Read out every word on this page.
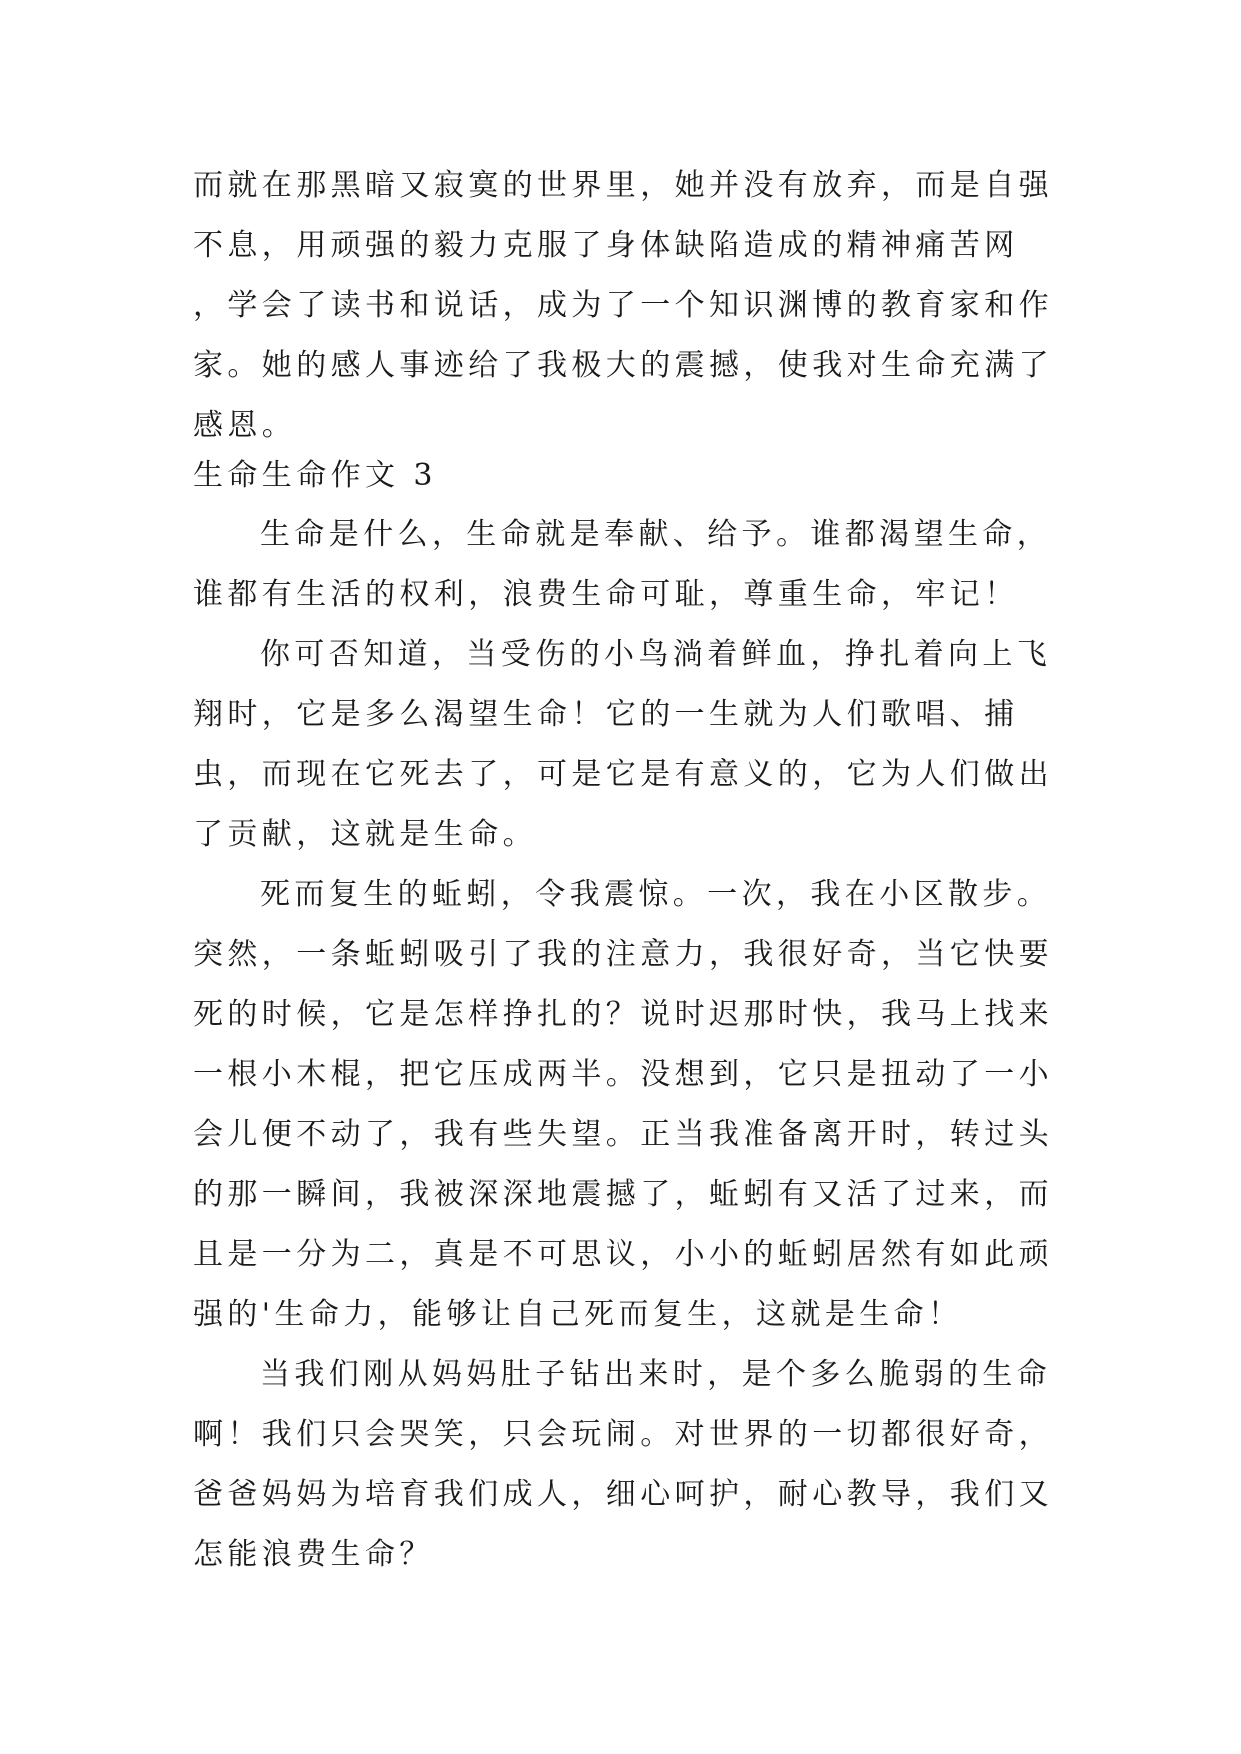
而就在那黑暗又寂寞的世界里，她并没有放弃，而是自强不息，用顽强的毅力克服了身体缺陷造成的精神痛苦网 ，学会了读书和说话，成为了一个知识渊博的教育家和作家。她的感人事迹给了我极大的震撼，使我对生命充满了感恩。

生命生命作文 3

生命是什么，生命就是奉献、给予。谁都渴望生命，谁都有生活的权利，浪费生命可耻，尊重生命，牢记！

你可否知道，当受伤的小鸟淌着鲜血，挣扎着向上飞翔时，它是多么渴望生命！它的一生就为人们歌唱、捕虫，而现在它死去了，可是它是有意义的，它为人们做出了贡献，这就是生命。

死而复生的蚯蚓，令我震惊。一次，我在小区散步。突然，一条蚯蚓吸引了我的注意力，我很好奇，当它快要死的时候，它是怎样挣扎的？说时迟那时快，我马上找来一根小木棍，把它压成两半。没想到，它只是扭动了一小会儿便不动了，我有些失望。正当我准备离开时，转过头的那一瞬间，我被深深地震撼了，蚯蚓有又活了过来，而且是一分为二，真是不可思议，小小的蚯蚓居然有如此顽强的'生命力，能够让自己死而复生，这就是生命！

当我们刚从妈妈肚子钻出来时，是个多么脆弱的生命啊！我们只会哭笑，只会玩闹。对世界的一切都很好奇，爸爸妈妈为培育我们成人，细心呵护，耐心教导，我们又怎能浪费生命？
